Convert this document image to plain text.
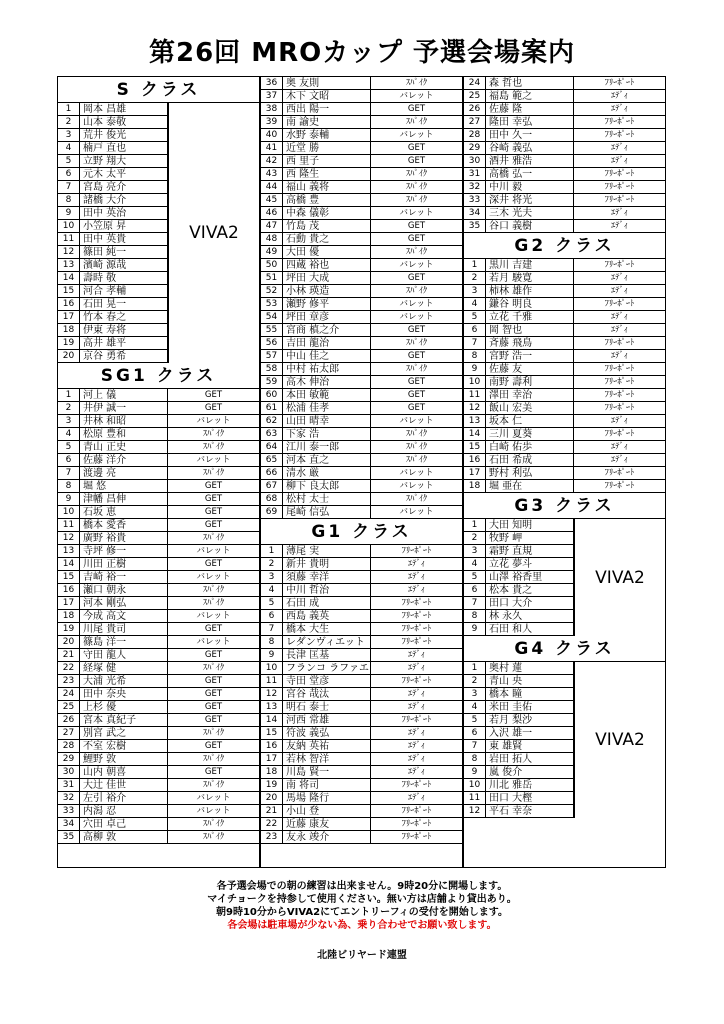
第26回 MROカップ 予選会場案内
S クラス
1	岡本 昌雄
2	山本 泰敬
3	荒井 俊光
4	楠戸 直也
5	立野 翔大
6	元木 太平
7	宮島 亮介
8	諸橋 大介
9	田中 英治
10 小笠原 昇
11 田中 英貴
12 篠田 純一
13 濱崎 源哉
14 壽時 敬
15 河合 孝輔
16 石田 晃一
17 竹本 春之
18 伊東 寿将
19 高井 雄平
20 京谷 勇希
VIVA2
SG1 クラス
1	河上 儀	GET
2	井伊 誠一	GET
3	井林 和昭	バレット
4	松原 豊和	ｽﾊﾟｲｸ
5	青山 正史	ｽﾊﾟｲｸ
6	佐藤 洋介	バレット
7	渡邊 亮	ｽﾊﾟｲｸ
8	堀 悠	GET
9	津幡 昌伸	GET
10 石坂 恵	GET
11 橋本 愛香	GET
12 廣野 裕貴	ｽﾊﾟｲｸ
13 寺坪 修一	バレット
14 川田 正樹	GET
15 吉崎 裕一	バレット
16 瀬口 朝永	ｽﾊﾟｲｸ
17 河本 剛弘	ｽﾊﾟｲｸ
18 今成 高文	バレット
19 川尾 貴司	GET
20 篠島 洋一	バレット
21 守田 龍人	GET
22 経塚 健	ｽﾊﾟｲｸ
23 大浦 光希	GET
24 田中 奈央	GET
25 上杉 優	GET
26 宮本 真紀子	GET
27 別宮 武之	ｽﾊﾟｲｸ
28 不室 宏樹	GET
29 鯉野 敦	ｽﾊﾟｲｸ
30 山内 朝喜	GET
31 大辻 佳世	ｽﾊﾟｲｸ
32 左引 裕介	バレット
33 内潟 忍	バレット
34 穴田 卓己	ｽﾊﾟｲｸ
35 高柳 敦	ｽﾊﾟｲｸ
36 奥 友則	ｽﾊﾟｲｸ
37 木下 文昭	バレット
38 西出 陽一	GET
39 南 諭史	ｽﾊﾟｲｸ
40 水野 泰輔	バレット
41 近堂 勝	GET
42 西 里子	GET
43 西 隆生	ｽﾊﾟｲｸ
44 福山 義将	ｽﾊﾟｲｸ
45 高橋 豊	ｽﾊﾟｲｸ
46 中森 儀彰	バレット
47 竹島 茂	GET
48 石動 貴之	GET
49 大田 優	ｽﾊﾟｲｸ
50 四蔵 裕也	バレット
51 坪田 大成	GET
52 小林 瑛造	ｽﾊﾟｲｸ
53 瀬野 修平	バレット
54 坪田 章彦	バレット
55 宮商 槙之介	GET
56 吉田 龍治	ｽﾊﾟｲｸ
57 中山 佳之	GET
58 中村 祐太郎	ｽﾊﾟｲｸ
59 高木 伸治	GET
60 本田 敏範	GET
61 松浦 佳孝	GET
62 山田 晴幸	バレット
63 下家 浩	ｽﾊﾟｲｸ
64 江川 泰一郎	ｽﾊﾟｲｸ
65 河本 直之	ｽﾊﾟｲｸ
66 清水 厳	バレット
67 柳下 良太郎	バレット
68 松村 太士	ｽﾊﾟｲｸ
69 尾崎 信弘	バレット
G1 クラス
1	薄尾 実	ﾌﾘｰﾎﾟｰﾄ
2	新井 貴明	ｴﾃﾞｨ
3	須藤 幸洋	ｴﾃﾞｨ
4	中川 哲治	ｴﾃﾞｨ
5	石田 成	ﾌﾘｰﾎﾟｰﾄ
6	西島 義英	ﾌﾘｰﾎﾟｰﾄ
7	橋本 大生	ﾌﾘｰﾎﾟｰﾄ
8	レダンヴィエット	ﾌﾘｰﾎﾟｰﾄ
9	長津 匡基	ｴﾃﾞｨ
10 フランコ ラファエ	ｴﾃﾞｨ
11 寺田 堂彦	ﾌﾘｰﾎﾟｰﾄ
12 宮谷 哉汰	ｴﾃﾞｨ
13 明石 泰士	ｴﾃﾞｨ
14 河西 常雄	ﾌﾘｰﾎﾟｰﾄ
15 符波 義弘	ｴﾃﾞｨ
16 友納 英祐	ｴﾃﾞｨ
17 若林 智洋	ｴﾃﾞｨ
18 川島 賢一	ｴﾃﾞｨ
19 南 将司	ﾌﾘｰﾎﾟｰﾄ
20 馬場 隆行	ｴﾃﾞｨ
21 小山 登	ﾌﾘｰﾎﾟｰﾄ
22 近藤 康友	ﾌﾘｰﾎﾟｰﾄ
23 友永 竣介	ﾌﾘｰﾎﾟｰﾄ
24 森 哲也	ﾌﾘｰﾎﾟｰﾄ
25 福島 範之	ｴﾃﾞｨ
26 佐藤 隆	ｴﾃﾞｨ
27 隆田 幸弘	ﾌﾘｰﾎﾟｰﾄ
28 田中 久一	ﾌﾘｰﾎﾟｰﾄ
29 谷崎 義弘	ｴﾃﾞｨ
30 酒井 雅浩	ｴﾃﾞｨ
31 高橋 弘一	ﾌﾘｰﾎﾟｰﾄ
32 中川 毅	ﾌﾘｰﾎﾟｰﾄ
33 深井 将光	ﾌﾘｰﾎﾟｰﾄ
34 三木 光夫	ｴﾃﾞｨ
35 谷口 義樹	ｴﾃﾞｨ
G2 クラス
1	黒川 吉建	ﾌﾘｰﾎﾟｰﾄ
2	若月 駿寛	ｴﾃﾞｨ
3	柿林 雄作	ｴﾃﾞｨ
4	鎌谷 明良	ﾌﾘｰﾎﾟｰﾄ
5	立花 千雅	ｴﾃﾞｨ
6	岡 智也	ｴﾃﾞｨ
7	斉藤 飛鳥	ﾌﾘｰﾎﾟｰﾄ
8	宮野 浩一	ｴﾃﾞｨ
9	佐藤 友	ﾌﾘｰﾎﾟｰﾄ
10 南野 壽利	ﾌﾘｰﾎﾟｰﾄ
11 澤田 幸治	ﾌﾘｰﾎﾟｰﾄ
12 飯山 宏美	ﾌﾘｰﾎﾟｰﾄ
13 坂本 仁	ｴﾃﾞｨ
14 三川 夏葵	ﾌﾘｰﾎﾟｰﾄ
15 白崎 佑歩	ｴﾃﾞｨ
16 石田 希成	ｴﾃﾞｨ
17 野村 利弘	ﾌﾘｰﾎﾟｰﾄ
18 堀 亜在	ﾌﾘｰﾎﾟｰﾄ
G3 クラス
1	大田 知明
2	牧野 岬
3	霜野 直規
4	立花 夢斗
5	山澤 裕香里
6	松本 貴之
7	田口 大介
8	林 永久
9	石田 和人
VIVA2
G4 クラス
1	奥村 蓮
2	青山 央
3	橋本 瞳
4	米田 圭佑
5	若月 梨沙
6	入沢 雄一
7	東 雄賢
8	岩田 拓人
9	嵐 俊介
10 川北 雅岳
11 田口 大樫
12 平石 幸奈
VIVA2
各予選会場での朝の練習は出来ません。9時20分に開場します。
マイチョークを持参して使用ください。無い方は店舗より貸出あり。
朝9時10分からVIVA2にてエントリーフィの受付を開始します。
各会場は駐車場が少ない為、乗り合わせでお願い致します。
北陸ビリヤード連盟
